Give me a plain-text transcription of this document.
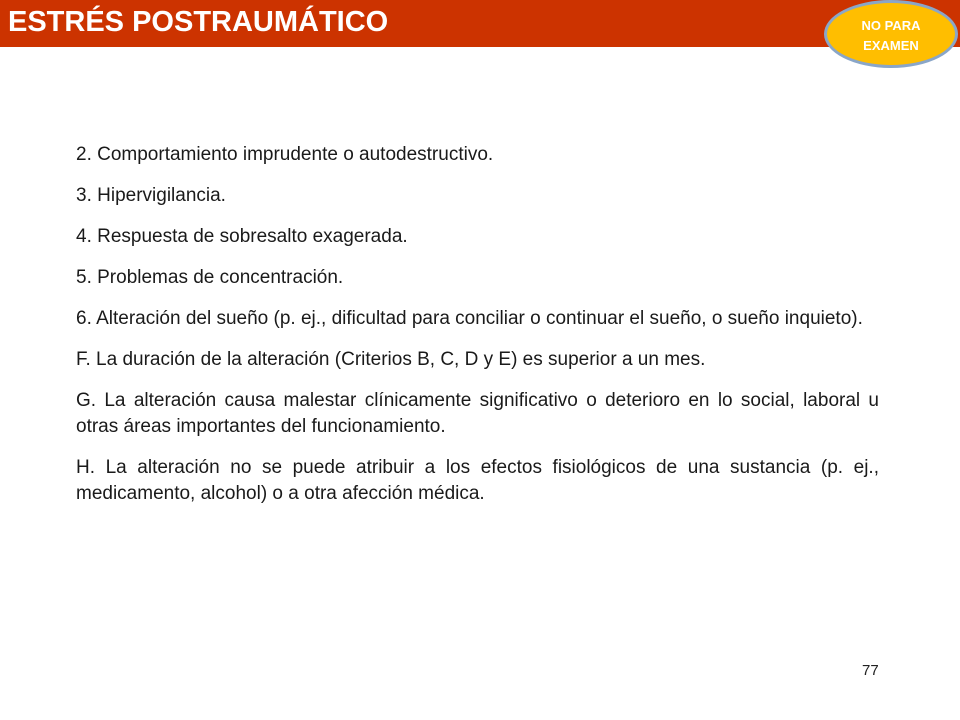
ESTRÉS POSTRAUMÁTICO	NO PARA
EXAMEN
2. Comportamiento imprudente o autodestructivo.
3. Hipervigilancia.
4. Respuesta de sobresalto exagerada.
5. Problemas de concentración.
6. Alteración del sueño (p. ej., dificultad para conciliar o continuar el sueño, o sueño inquieto).
F. La duración de la alteración (Criterios B, C, D y E) es superior a un mes.
G. La alteración causa malestar clínicamente significativo o deterioro en lo social, laboral u otras áreas importantes del funcionamiento.
H. La alteración no se puede atribuir a los efectos fisiológicos de una sustancia (p. ej., medicamento, alcohol) o a otra afección médica.
77
